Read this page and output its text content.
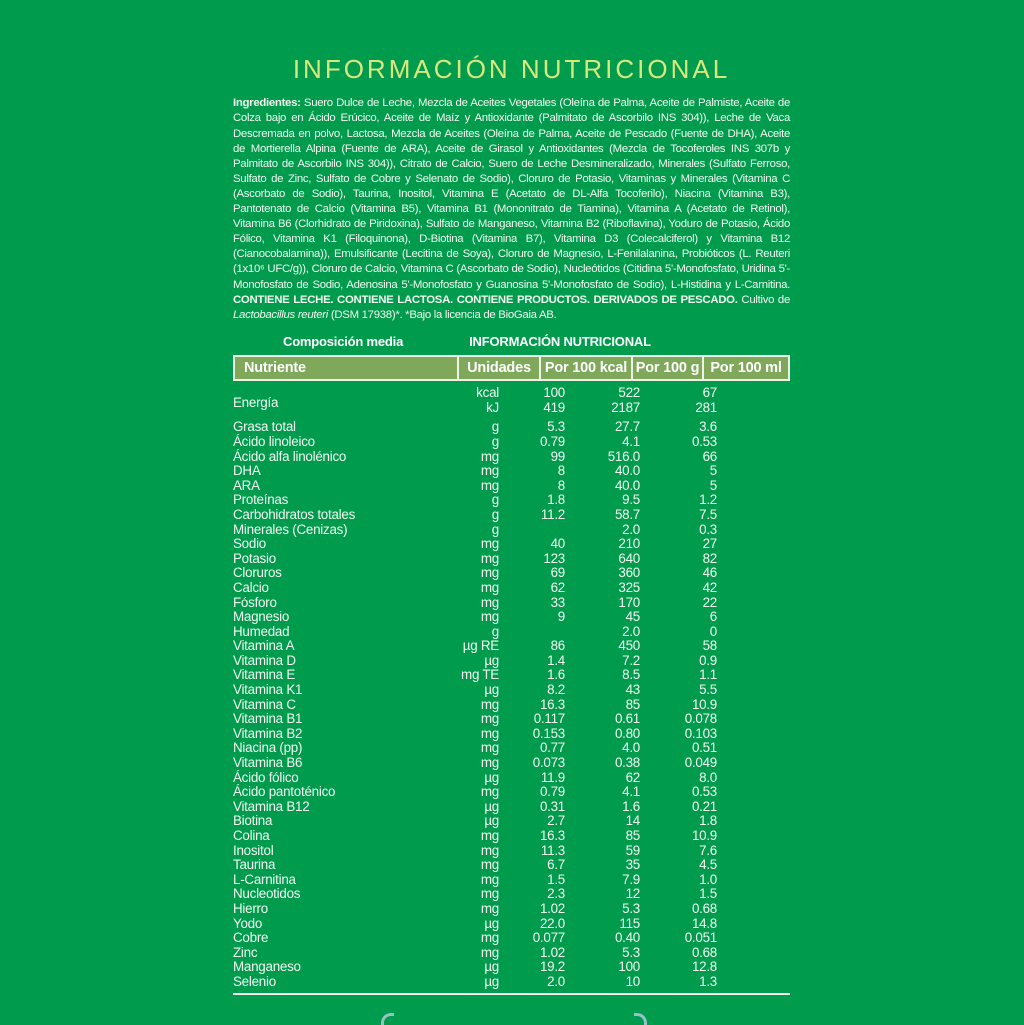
INFORMACIÓN NUTRICIONAL

Ingredientes: Suero Dulce de Leche, Mezcla de Aceites Vegetales (Oleína de Palma, Aceite de Palmiste, Aceite de Colza bajo en Ácido Erúcico, Aceite de Maíz y Antioxidante (Palmitato de Ascorbilo INS 304)), Leche de Vaca Descremada en polvo, Lactosa, Mezcla de Aceites (Oleína de Palma, Aceite de Pescado (Fuente de DHA), Aceite de Mortierella Alpina (Fuente de ARA), Aceite de Girasol y Antioxidantes (Mezcla de Tocoferoles INS 307b y Palmitato de Ascorbilo INS 304)), Citrato de Calcio, Suero de Leche Desmineralizado, Minerales (Sulfato Ferroso, Sulfato de Zinc, Sulfato de Cobre y Selenato de Sodio), Cloruro de Potasio, Vitaminas y Minerales (Vitamina C (Ascorbato de Sodio), Taurina, Inositol, Vitamina E (Acetato de DL-Alfa Tocoferilo), Niacina (Vitamina B3), Pantotenato de Calcio (Vitamina B5), Vitamina B1 (Mononitrato de Tiamina), Vitamina A (Acetato de Retinol), Vitamina B6 (Clorhidrato de Piridoxina), Sulfato de Manganeso, Vitamina B2 (Riboflavina), Yoduro de Potasio, Ácido Fólico, Vitamina K1 (Filoquinona), D-Biotina (Vitamina B7), Vitamina D3 (Colecalciferol) y Vitamina B12 (Cianocobalamina)), Emulsificante (Lecitina de Soya), Cloruro de Magnesio, L-Fenilalanina, Probióticos (L. Reuteri (1x10⁶ UFC/g)), Cloruro de Calcio, Vitamina C (Ascorbato de Sodio), Nucleótidos (Citidina 5'-Monofosfato, Uridina 5'-Monofosfato de Sodio, Adenosina 5'-Monofosfato y Guanosina 5'-Monofosfato de Sodio), L-Histidina y L-Carnitina. CONTIENE LECHE. CONTIENE LACTOSA. CONTIENE PRODUCTOS. DERIVADOS DE PESCADO. Cultivo de Lactobacillus reuteri (DSM 17938)*. *Bajo la licencia de BioGaia AB.

Composición media	INFORMACIÓN NUTRICIONAL
Nutriente	Unidades Por 100 kcal Por 100 g Por 100 ml
Energía	kcal	100	522	67	
	kJ	419	2187	281	
Grasa total	g	5.3	27.7	3.6	
Ácido linoleico	g	0.79	4.1	0.53	
Ácido alfa linolénico	mg	99	516.0	66	
DHA	mg	8	40.0	5	
ARA	mg	8	40.0	5	
Proteínas	g	1.8	9.5	1.2	
Carbohidratos totales	g	11.2	58.7	7.5	
Minerales (Cenizas)	g		2.0	0.3	
Sodio	mg	40	210	27	
Potasio	mg	123	640	82	
Cloruros	mg	69	360	46	
Calcio	mg	62	325	42	
Fósforo	mg	33	170	22	
Magnesio	mg	9	45	6	
Humedad	g		2.0	0	
Vitamina A	µg RE	86	450	58	
Vitamina D	µg	1.4	7.2	0.9	
Vitamina E	mg TE	1.6	8.5	1.1	
Vitamina K1	µg	8.2	43	5.5	
Vitamina C	mg	16.3	85	10.9	
Vitamina B1	mg	0.117	0.61	0.078	
Vitamina B2	mg	0.153	0.80	0.103	
Niacina (pp)	mg	0.77	4.0	0.51	
Vitamina B6	mg	0.073	0.38	0.049	
Ácido fólico	µg	11.9	62	8.0	
Ácido pantoténico	mg	0.79	4.1	0.53	
Vitamina B12	µg	0.31	1.6	0.21	
Biotina	µg	2.7	14	1.8	
Colina	mg	16.3	85	10.9	
Inositol	mg	11.3	59	7.6	
Taurina	mg	6.7	35	4.5	
L-Carnitina	mg	1.5	7.9	1.0	
Nucleotidos	mg	2.3	12	1.5	
Hierro	mg	1.02	5.3	0.68	
Yodo	µg	22.0	115	14.8	
Cobre	mg	0.077	0.40	0.051	
Zinc	mg	1.02	5.3	0.68	
Manganeso	µg	19.2	100	12.8	
Selenio	µg	2.0	10	1.3	
